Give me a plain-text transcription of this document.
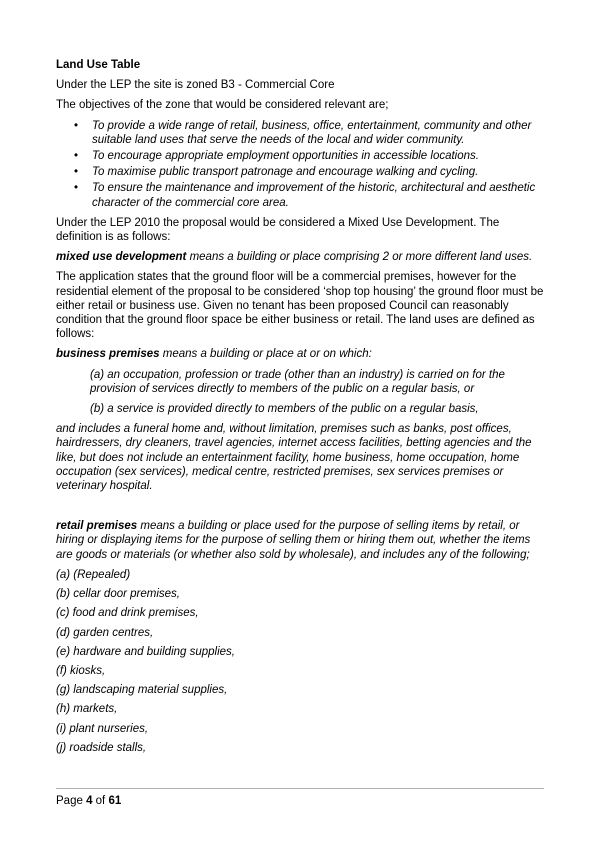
Land Use Table

Under the LEP the site is zoned B3 - Commercial Core

The objectives of the zone that would be considered relevant are;

• To provide a wide range of retail, business, office, entertainment, community and other suitable land uses that serve the needs of the local and wider community.
• To encourage appropriate employment opportunities in accessible locations.
• To maximise public transport patronage and encourage walking and cycling.
• To ensure the maintenance and improvement of the historic, architectural and aesthetic character of the commercial core area.

Under the LEP 2010 the proposal would be considered a Mixed Use Development. The definition is as follows:

mixed use development means a building or place comprising 2 or more different land uses.

The application states that the ground floor will be a commercial premises, however for the residential element of the proposal to be considered ‘shop top housing’ the ground floor must be either retail or business use. Given no tenant has been proposed Council can reasonably condition that the ground floor space be either business or retail. The land uses are defined as follows:

business premises means a building or place at or on which:

(a) an occupation, profession or trade (other than an industry) is carried on for the provision of services directly to members of the public on a regular basis, or

(b) a service is provided directly to members of the public on a regular basis,

and includes a funeral home and, without limitation, premises such as banks, post offices, hairdressers, dry cleaners, travel agencies, internet access facilities, betting agencies and the like, but does not include an entertainment facility, home business, home occupation, home occupation (sex services), medical centre, restricted premises, sex services premises or veterinary hospital.

retail premises means a building or place used for the purpose of selling items by retail, or hiring or displaying items for the purpose of selling them or hiring them out, whether the items are goods or materials (or whether also sold by wholesale), and includes any of the following;

(a) (Repealed)

(b) cellar door premises,

(c) food and drink premises,

(d) garden centres,

(e) hardware and building supplies,

(f) kiosks,

(g) landscaping material supplies,

(h) markets,

(i) plant nurseries,

(j) roadside stalls,

Page 4 of 61
